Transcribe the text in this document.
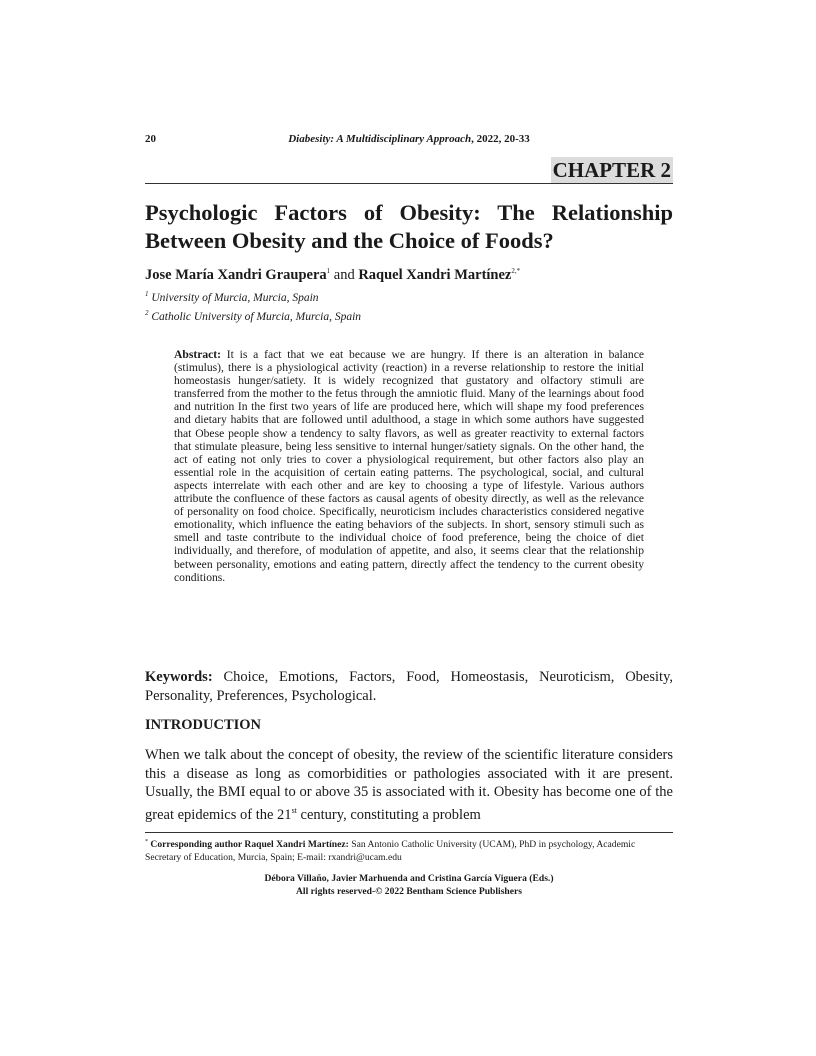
20	Diabesity: A Multidisciplinary Approach, 2022, 20-33
CHAPTER 2
Psychologic Factors of Obesity: The Relationship Between Obesity and the Choice of Foods?
Jose María Xandri Graupera$^1$ and Raquel Xandri Martínez$^{2,*}$
$^1$ University of Murcia, Murcia, Spain
$^2$ Catholic University of Murcia, Murcia, Spain

Abstract: It is a fact that we eat because we are hungry. If there is an alteration in balance (stimulus), there is a physiological activity (reaction) in a reverse relationship to restore the initial homeostasis hunger/satiety. It is widely recognized that gustatory and olfactory stimuli are transferred from the mother to the fetus through the amniotic fluid. Many of the learnings about food and nutrition In the first two years of life are produced here, which will shape my food preferences and dietary habits that are followed until adulthood, a stage in which some authors have suggested that Obese people show a tendency to salty flavors, as well as greater reactivity to external factors that stimulate pleasure, being less sensitive to internal hunger/satiety signals. On the other hand, the act of eating not only tries to cover a physiological requirement, but other factors also play an essential role in the acquisition of certain eating patterns. The psychological, social, and cultural aspects interrelate with each other and are key to choosing a type of lifestyle. Various authors attribute the confluence of these factors as causal agents of obesity directly, as well as the relevance of personality on food choice. Specifically, neuroticism includes characteristics considered negative emotionality, which influence the eating behaviors of the subjects. In short, sensory stimuli such as smell and taste contribute to the individual choice of food preference, being the choice of diet individually, and therefore, of modulation of appetite, and also, it seems clear that the relationship between personality, emotions and eating pattern, directly affect the tendency to the current obesity conditions.

Keywords: Choice, Emotions, Factors, Food, Homeostasis, Neuroticism, Obesity, Personality, Preferences, Psychological.

INTRODUCTION

When we talk about the concept of obesity, the review of the scientific literature considers this a disease as long as comorbidities or pathologies associated with it are present. Usually, the BMI equal to or above 35 is associated with it. Obesity has become one of the great epidemics of the 21st century, constituting a problem

* Corresponding author Raquel Xandri Martínez: San Antonio Catholic University (UCAM), PhD in psychology, Academic Secretary of Education, Murcia, Spain; E-mail: rxandri@ucam.edu

Débora Villaño, Javier Marhuenda and Cristina García Viguera (Eds.)
All rights reserved-© 2022 Bentham Science Publishers
